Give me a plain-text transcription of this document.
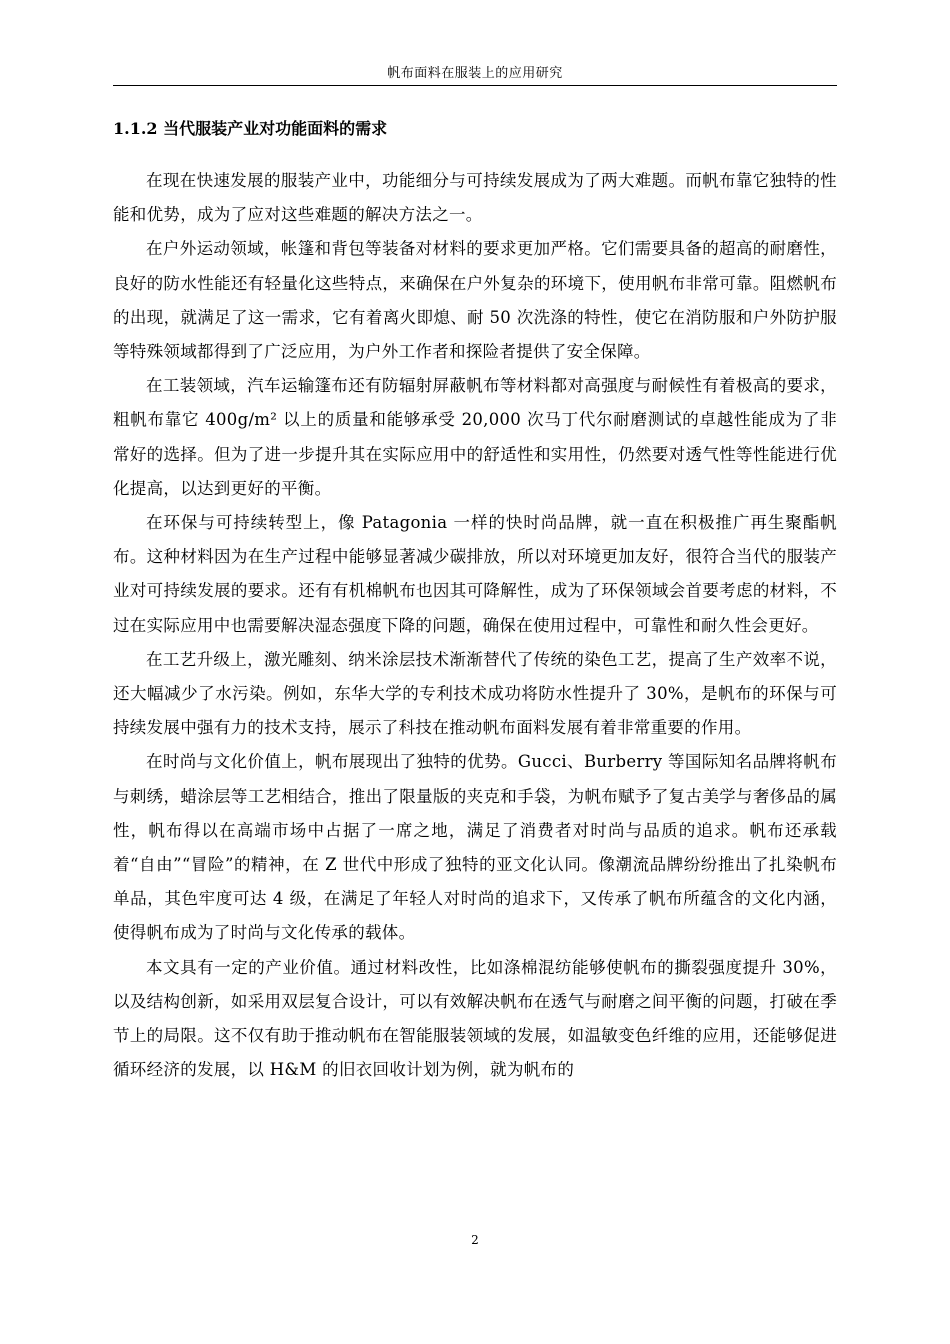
帆布面料在服装上的应用研究
1.1.2 当代服装产业对功能面料的需求

在现在快速发展的服装产业中，功能细分与可持续发展成为了两大难题。而帆布靠它独特的性能和优势，成为了应对这些难题的解决方法之一。

在户外运动领域，帐篷和背包等装备对材料的要求更加严格。它们需要具备的超高的耐磨性，良好的防水性能还有轻量化这些特点，来确保在户外复杂的环境下，使用帆布非常可靠。阻燃帆布的出现，就满足了这一需求，它有着离火即熄、耐 50 次洗涤的特性，使它在消防服和户外防护服等特殊领域都得到了广泛应用，为户外工作者和探险者提供了安全保障。

在工装领域，汽车运输篷布还有防辐射屏蔽帆布等材料都对高强度与耐候性有着极高的要求，粗帆布靠它 400g/m² 以上的质量和能够承受 20,000 次马丁代尔耐磨测试的卓越性能成为了非常好的选择。但为了进一步提升其在实际应用中的舒适性和实用性，仍然要对透气性等性能进行优化提高，以达到更好的平衡。

在环保与可持续转型上，像 Patagonia 一样的快时尚品牌，就一直在积极推广再生聚酯帆布。这种材料因为在生产过程中能够显著减少碳排放，所以对环境更加友好，很符合当代的服装产业对可持续发展的要求。还有有机棉帆布也因其可降解性，成为了环保领域会首要考虑的材料，不过在实际应用中也需要解决湿态强度下降的问题，确保在使用过程中，可靠性和耐久性会更好。

在工艺升级上，激光雕刻、纳米涂层技术渐渐替代了传统的染色工艺，提高了生产效率不说，还大幅减少了水污染。例如，东华大学的专利技术成功将防水性提升了 30%，是帆布的环保与可持续发展中强有力的技术支持，展示了科技在推动帆布面料发展有着非常重要的作用。

在时尚与文化价值上，帆布展现出了独特的优势。Gucci、Burberry 等国际知名品牌将帆布与刺绣，蜡涂层等工艺相结合，推出了限量版的夹克和手袋，为帆布赋予了复古美学与奢侈品的属性，帆布得以在高端市场中占据了一席之地，满足了消费者对时尚与品质的追求。帆布还承载着“自由”“冒险”的精神，在 Z 世代中形成了独特的亚文化认同。像潮流品牌纷纷推出了扎染帆布单品，其色牢度可达 4 级，在满足了年轻人对时尚的追求下，又传承了帆布所蕴含的文化内涵，使得帆布成为了时尚与文化传承的载体。

本文具有一定的产业价值。通过材料改性，比如涤棉混纺能够使帆布的撕裂强度提升 30%，以及结构创新，如采用双层复合设计，可以有效解决帆布在透气与耐磨之间平衡的问题，打破在季节上的局限。这不仅有助于推动帆布在智能服装领域的发展，如温敏变色纤维的应用，还能够促进循环经济的发展，以 H&M 的旧衣回收计划为例，就为帆布的

2
